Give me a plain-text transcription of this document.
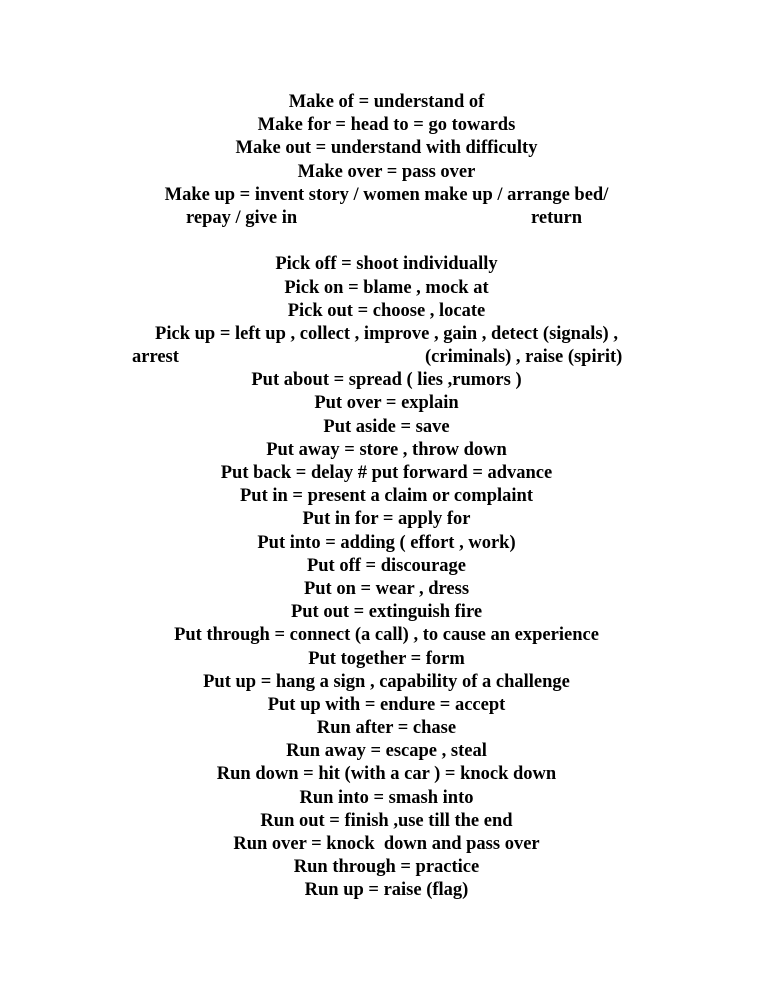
Make of = understand of
Make for = head to = go towards
Make out = understand with difficulty
Make over = pass over
Make up = invent story / women make up / arrange bed/

repay / give in

	return

Pick off = shoot individually
Pick on = blame , mock at
Pick out = choose , locate
Pick up = left up , collect , improve , gain , detect (signals) ,

arrest

	(criminals) , raise (spirit)

Put about = spread ( lies ,rumors )
Put over = explain
Put aside = save
Put away = store , throw down
Put back = delay # put forward = advance
Put in = present a claim or complaint
Put in for = apply for
Put into = adding ( effort , work)
Put off = discourage
Put on = wear , dress
Put out = extinguish fire
Put through = connect (a call) , to cause an experience
Put together = form
Put up = hang a sign , capability of a challenge
Put up with = endure = accept
Run after = chase
Run away = escape , steal
Run down = hit (with a car ) = knock down
Run into = smash into
Run out = finish ,use till the end
Run over = knock  down and pass over
Run through = practice
Run up = raise (flag)
